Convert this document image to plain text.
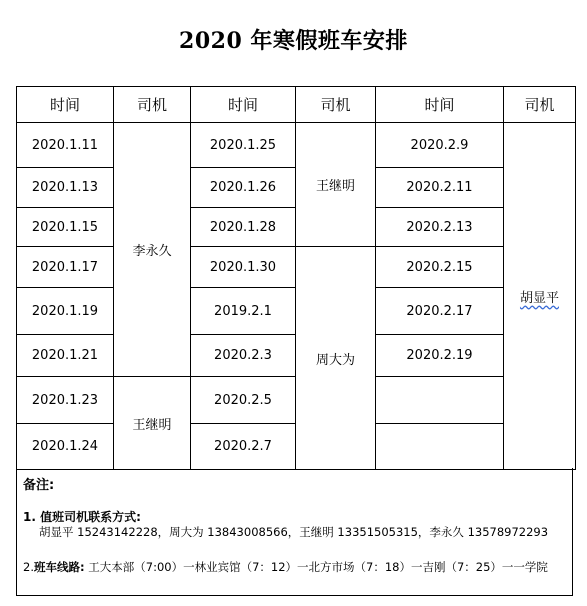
2020 年寒假班车安排
时间	司机	时间	司机	时间	司机
2020.1.11	李永久	2020.1.25	王继明	2020.2.9	胡显平
2020.1.13		2020.1.26		2020.2.11	
2020.1.15		2020.1.28		2020.2.13	
2020.1.17		2020.1.30	周大为	2020.2.15	
2020.1.19		2019.2.1		2020.2.17	
2020.1.21		2020.2.3		2020.2.19	
2020.1.23	王继明	2020.2.5			
2020.1.24		2020.2.7			
备注:
1. 值班司机联系方式:
胡显平 15243142228，周大为 13843008566，王继明 13351505315，李永久 13578972293
2.班车线路: 工大本部（7:00）一林业宾馆（7：12）一北方市场（7：18）一吉刚（7：25）一一学院
